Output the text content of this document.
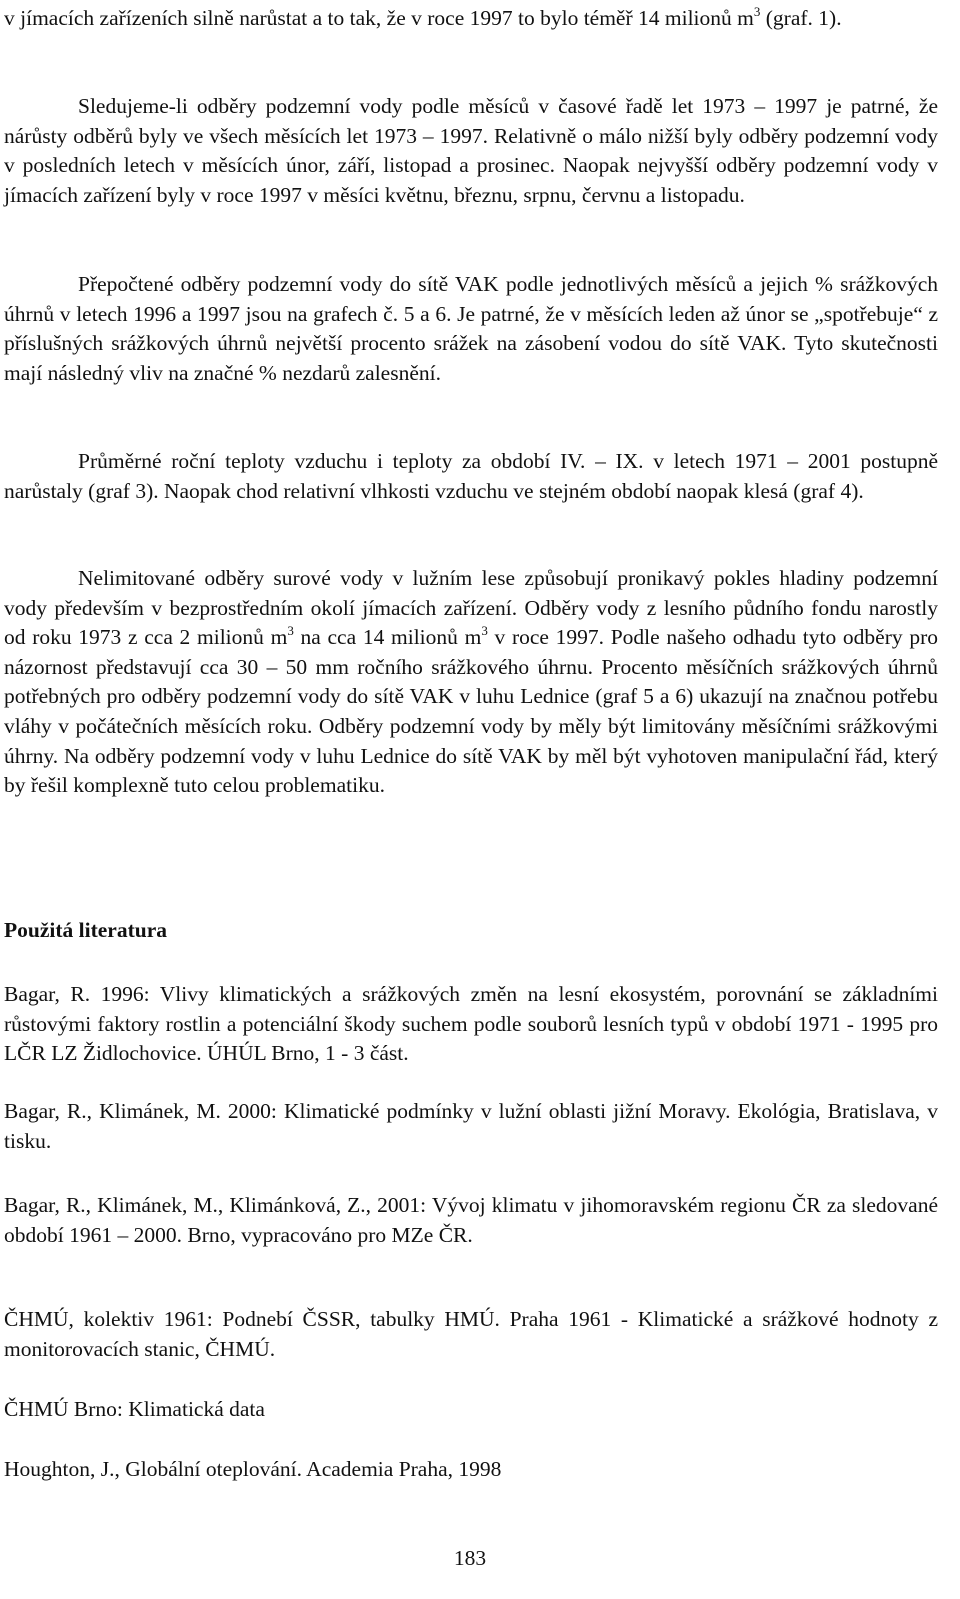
v jímacích zařízeních silně narůstat a to tak, že v roce 1997 to bylo téměř 14 milionů $m^3$ (graf. 1).

Sledujeme-li odběry podzemní vody podle měsíců v časové řadě let 1973 – 1997 je patrné, že nárůsty odběrů byly ve všech měsících let 1973 – 1997. Relativně o málo nižší byly odběry podzemní vody v posledních letech v měsících únor, září, listopad a prosinec. Naopak nejvyšší odběry podzemní vody v jímacích zařízení byly v roce 1997 v měsíci květnu, březnu, srpnu, červnu a listopadu.

Přepočtené odběry podzemní vody do sítě VAK podle jednotlivých měsíců a jejich % srážkových úhrnů v letech 1996 a 1997 jsou na grafech č. 5 a 6. Je patrné, že v měsících leden až únor se „spotřebuje“ z příslušných srážkových úhrnů největší procento srážek na zásobení vodou do sítě VAK. Tyto skutečnosti mají následný vliv na značné % nezdarů zalesnění.

Průměrné roční teploty vzduchu i teploty za období IV. – IX. v letech 1971 – 2001 postupně narůstaly (graf 3). Naopak chod relativní vlhkosti vzduchu ve stejném období naopak klesá (graf 4).

Nelimitované odběry surové vody v lužním lese způsobují pronikavý pokles hladiny podzemní vody především v bezprostředním okolí jímacích zařízení. Odběry vody z lesního půdního fondu narostly od roku 1973 z cca 2 milionů $m^3$ na cca 14 milionů $m^3$ v roce 1997. Podle našeho odhadu tyto odběry pro názornost představují cca 30 – 50 mm ročního srážkového úhrnu. Procento měsíčních srážkových úhrnů potřebných pro odběry podzemní vody do sítě VAK v luhu Lednice (graf 5 a 6) ukazují na značnou potřebu vláhy v počátečních měsících roku. Odběry podzemní vody by měly být limitovány měsíčními srážkovými úhrny. Na odběry podzemní vody v luhu Lednice do sítě VAK by měl být vyhotoven manipulační řád, který by řešil komplexně tuto celou problematiku.

Použitá literatura

Bagar, R. 1996: Vlivy klimatických a srážkových změn na lesní ekosystém, porovnání se základními růstovými faktory rostlin a potenciální škody suchem podle souborů lesních typů v období 1971 - 1995 pro LČR LZ Židlochovice. ÚHÚL Brno, 1 - 3 část.

Bagar, R., Klimánek, M. 2000: Klimatické podmínky v lužní oblasti jižní Moravy. Ekológia, Bratislava, v tisku.

Bagar, R., Klimánek, M., Klimánková, Z., 2001: Vývoj klimatu v jihomoravském regionu ČR za sledované období 1961 – 2000. Brno, vypracováno pro MZe ČR.

ČHMÚ, kolektiv 1961: Podnebí ČSSR, tabulky HMÚ. Praha 1961 - Klimatické a srážkové hodnoty z monitorovacích stanic, ČHMÚ.

ČHMÚ Brno: Klimatická data

Houghton, J., Globální oteplování. Academia Praha, 1998

183
